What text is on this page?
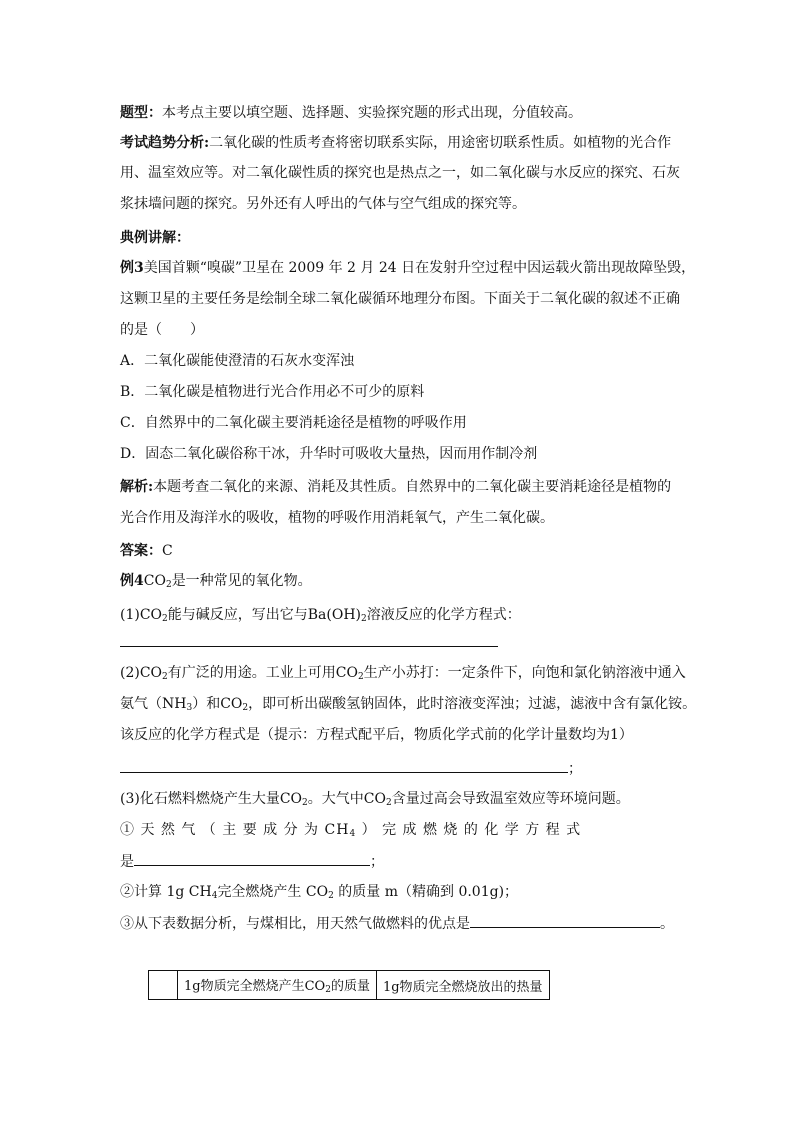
题型：本考点主要以填空题、选择题、实验探究题的形式出现，分值较高。
考试趋势分析:二氧化碳的性质考查将密切联系实际，用途密切联系性质。如植物的光合作
用、温室效应等。对二氧化碳性质的探究也是热点之一，如二氧化碳与水反应的探究、石灰
浆抹墙问题的探究。另外还有人呼出的气体与空气组成的探究等。
典例讲解：
例3美国首颗“嗅碳”卫星在 2009 年 2 月 24 日在发射升空过程中因运载火箭出现故障坠毁，
这颗卫星的主要任务是绘制全球二氧化碳循环地理分布图。下面关于二氧化碳的叙述不正确
的是（　　）
A．二氧化碳能使澄清的石灰水变浑浊
B．二氧化碳是植物进行光合作用必不可少的原料
C．自然界中的二氧化碳主要消耗途径是植物的呼吸作用
D．固态二氧化碳俗称干冰，升华时可吸收大量热，因而用作制冷剂
解析:本题考查二氧化的来源、消耗及其性质。自然界中的二氧化碳主要消耗途径是植物的
光合作用及海洋水的吸收，植物的呼吸作用消耗氧气，产生二氧化碳。
答案：C
例$4CO_2$是一种常见的氧化物。
$(1)CO_2$能与碱反应，写出它与$Ba(OH)_2$溶液反应的化学方程式：
$(2)CO_2$有广泛的用途。工业上可用$CO_2$生产小苏打：一定条件下，向饱和氯化钠溶液中通入
氨气$(NH_3)$和$CO_2$，即可析出碳酸氢钠固体，此时溶液变浑浊；过滤，滤液中含有氯化铵。
该反应的化学方程式是（提示：方程式配平后，物质化学式前的化学计量数均为1）
；
(3)化石燃料燃烧产生大量$CO_2$。大气中$CO_2$含量过高会导致温室效应等环境问题。
① 天 然 气 （ 主 要 成 分 为 $CH_4$ ） 完 成 燃 烧 的 化 学 方 程 式
是	；
②计算 1g $CH_4$完全燃烧产生 $CO_2$ 的质量 m（精确到 0.01g)；
③从下表数据分析，与煤相比，用天然气做燃料的优点是	。
	1g物质完全燃烧产生$CO_2$的质量	1g物质完全燃烧放出的热量
